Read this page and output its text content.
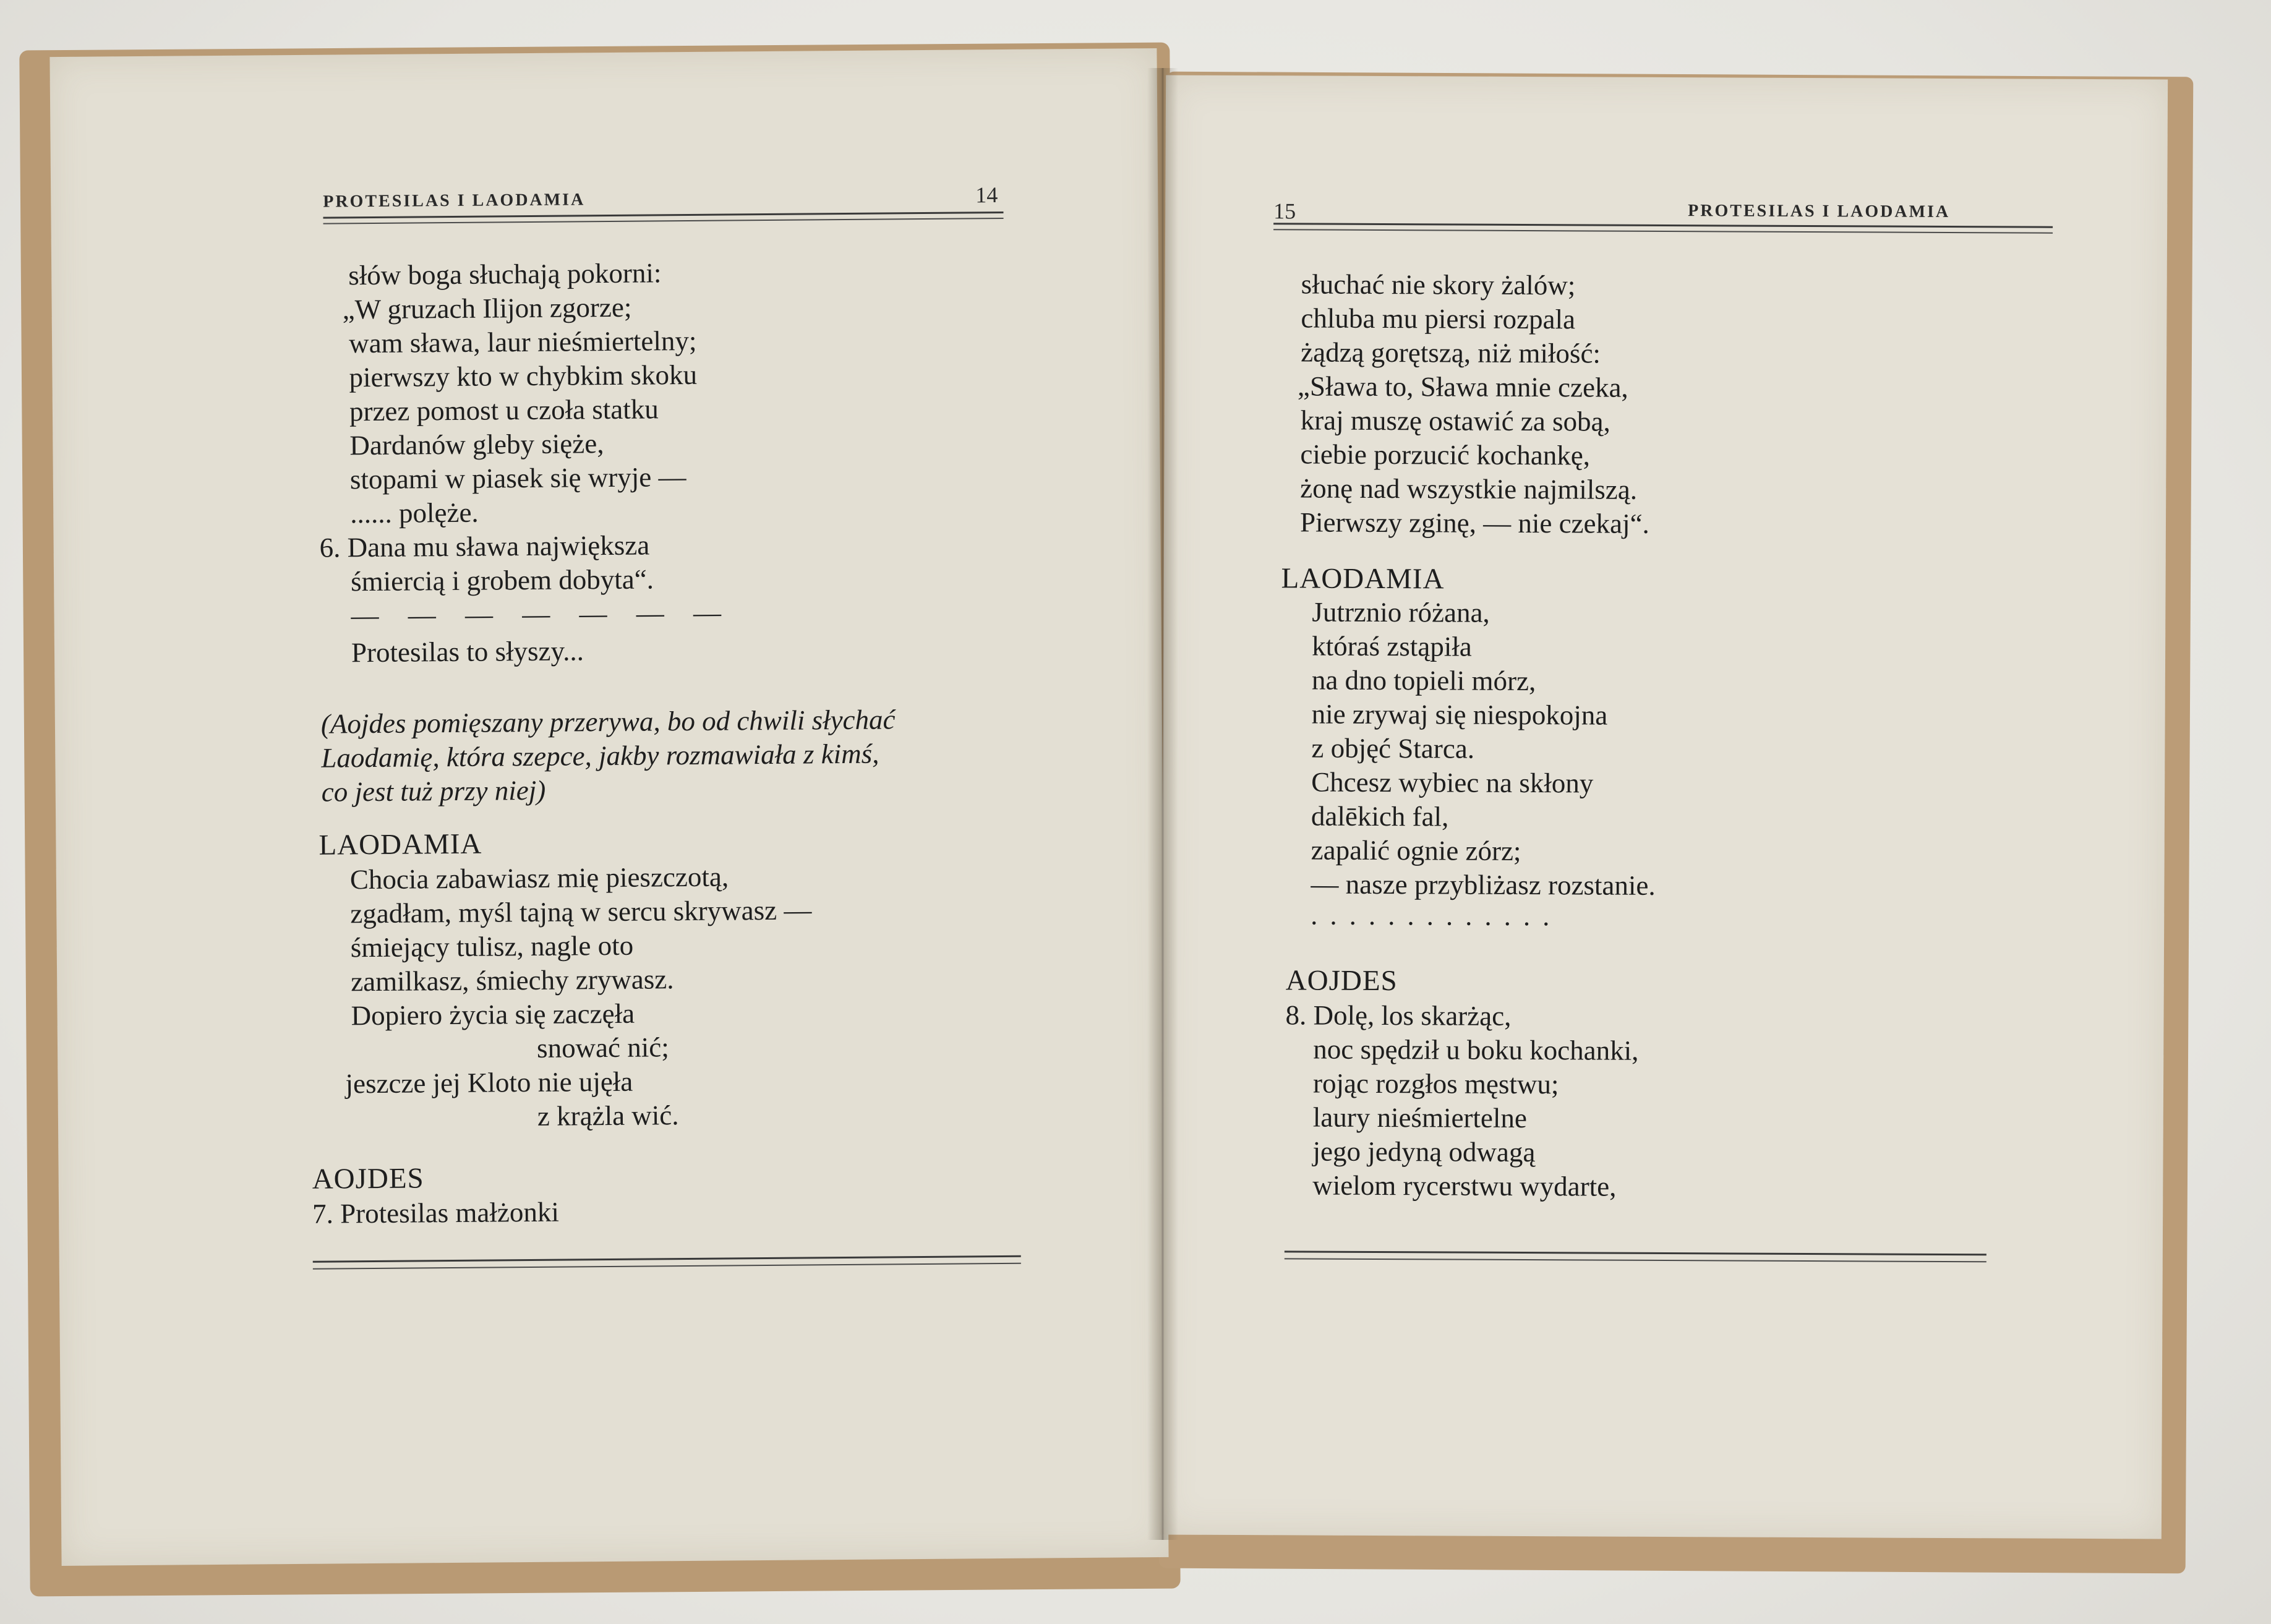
PROTESILAS I LAODAMIA	14
słów boga słuchają pokorni:
„W gruzach Ilijon zgorze;
wam sława, laur nieśmiertelny;
pierwszy kto w chybkim skoku
przez pomost u czoła statku
Dardanów gleby sięże,
stopami w piasek się wryje —
...... polęże.
6. Dana mu sława największa
śmiercią i grobem dobyta“.
— — — — — — —
Protesilas to słyszy...
(Aojdes pomięszany przerywa, bo od chwili słychać
Laodamię, która szepce, jakby rozmawiała z kimś,
co jest tuż przy niej)
LAODAMIA
Chocia zabawiasz mię pieszczotą,
zgadłam, myśl tajną w sercu skrywasz —
śmiejący tulisz, nagle oto
zamilkasz, śmiechy zrywasz.
Dopiero życia się zaczęła
snować nić;
jeszcze jej Kloto nie ujęła
z krążla wić.
AOJDES
7. Protesilas małżonki
15	PROTESILAS I LAODAMIA
słuchać nie skory żalów;
chluba mu piersi rozpala
żądzą gorętszą, niż miłość:
„Sława to, Sława mnie czeka,
kraj muszę ostawić za sobą,
ciebie porzucić kochankę,
żonę nad wszystkie najmilszą.
Pierwszy zginę, — nie czekaj“.
LAODAMIA
Jutrznio różana,
któraś zstąpiła
na dno topieli mórz,
nie zrywaj się niespokojna
z objęć Starca.
Chcesz wybiec na skłony
dalēkich fal,
zapalić ognie zórz;
— nasze przybliżasz rozstanie.
.............
AOJDES
8. Dolę, los skarżąc,
noc spędził u boku kochanki,
rojąc rozgłos męstwu;
laury nieśmiertelne
jego jedyną odwagą
wielom rycerstwu wydarte,
